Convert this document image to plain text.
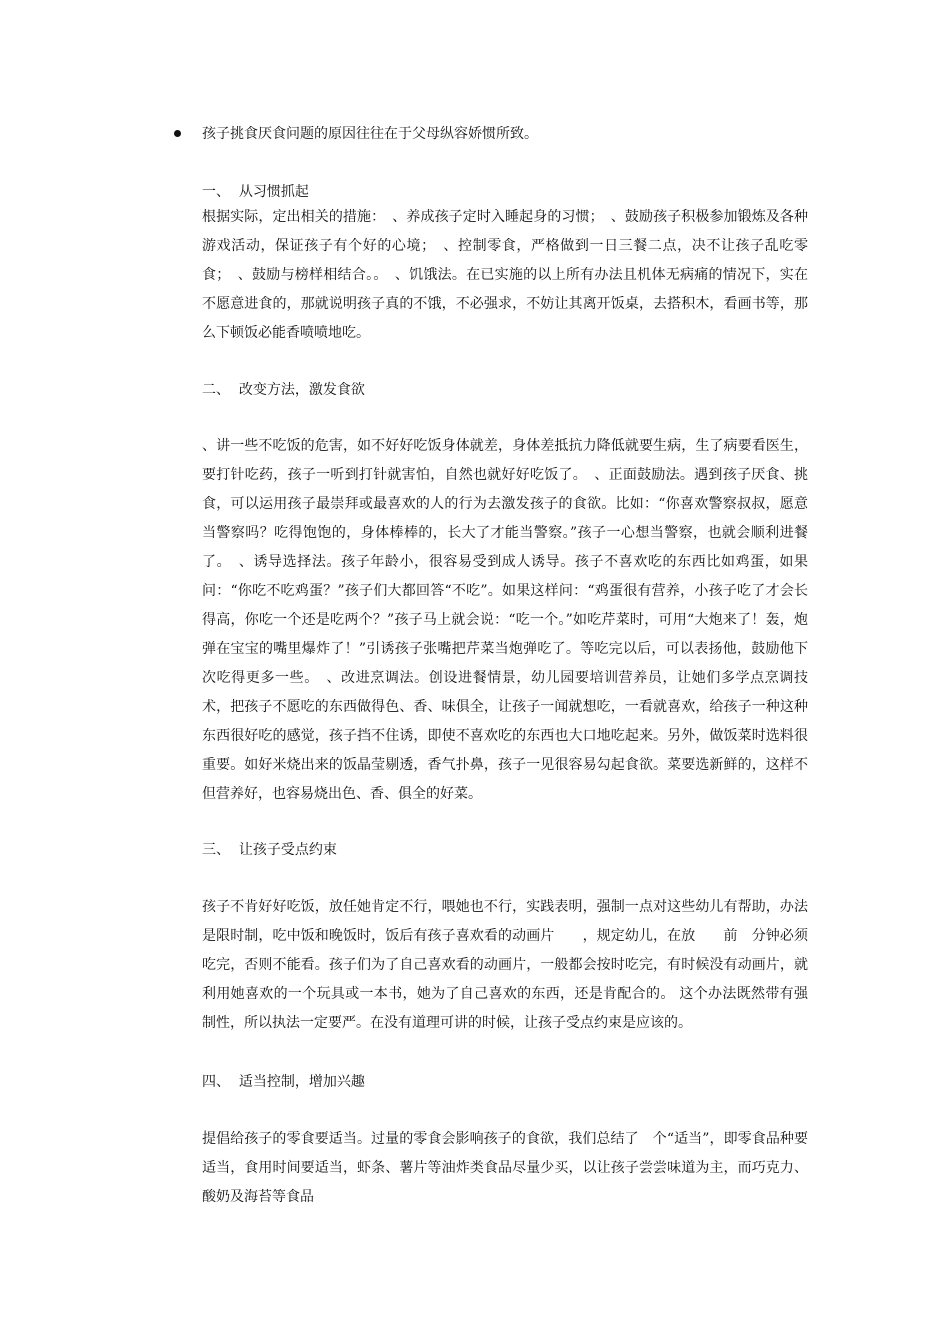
孩子挑食厌食问题的原因往往在于父母纵容娇惯所致。
一、  从习惯抓起

根据实际，定出相关的措施：　、养成孩子定时入睡起身的习惯；　、鼓励孩子积极参加锻炼及各种游戏活动，保证孩子有个好的心境；　、控制零食，严格做到一日三餐二点，决不让孩子乱吃零食；　、鼓励与榜样相结合。。　、饥饿法。在已实施的以上所有办法且机体无病痛的情况下，实在不愿意进食的，那就说明孩子真的不饿，不必强求，不妨让其离开饭桌，去搭积木，看画书等，那么下顿饭必能香喷喷地吃。

二、  改变方法，激发食欲

、讲一些不吃饭的危害，如不好好吃饭身体就差，身体差抵抗力降低就要生病，生了病要看医生，要打针吃药，孩子一听到打针就害怕，自然也就好好吃饭了。　、正面鼓励法。遇到孩子厌食、挑食，可以运用孩子最崇拜或最喜欢的人的行为去激发孩子的食欲。比如：“你喜欢警察叔叔，愿意当警察吗？吃得饱饱的，身体棒棒的，长大了才能当警察。”孩子一心想当警察，也就会顺利进餐了。　、诱导选择法。孩子年龄小，很容易受到成人诱导。孩子不喜欢吃的东西比如鸡蛋，如果问：“你吃不吃鸡蛋？”孩子们大都回答“不吃”。如果这样问：“鸡蛋很有营养，小孩子吃了才会长得高，你吃一个还是吃两个？”孩子马上就会说：“吃一个。”如吃芹菜时，可用“大炮来了！轰，炮弹在宝宝的嘴里爆炸了！”引诱孩子张嘴把芹菜当炮弹吃了。等吃完以后，可以表扬他，鼓励他下次吃得更多一些。　、改进烹调法。创设进餐情景，幼儿园要培训营养员，让她们多学点烹调技术，把孩子不愿吃的东西做得色、香、味俱全，让孩子一闻就想吃，一看就喜欢，给孩子一种这种东西很好吃的感觉，孩子挡不住诱，即使不喜欢吃的东西也大口地吃起来。另外，做饭菜时选料很重要。如好米烧出来的饭晶莹剔透，香气扑鼻，孩子一见很容易勾起食欲。菜要选新鲜的，这样不但营养好，也容易烧出色、香、俱全的好菜。

三、  让孩子受点约束

孩子不肯好好吃饭，放任她肯定不行，喂她也不行，实践表明，强制一点对这些幼儿有帮助，办法是限时制，吃中饭和晚饭时，饭后有孩子喜欢看的动画片　　，规定幼儿，在放　　前　分钟必须吃完，否则不能看。孩子们为了自己喜欢看的动画片，一般都会按时吃完，有时候没有动画片，就利用她喜欢的一个玩具或一本书，她为了自己喜欢的东西，还是肯配合的。 这个办法既然带有强制性，所以执法一定要严。在没有道理可讲的时候，让孩子受点约束是应该的。

四、  适当控制，增加兴趣

提倡给孩子的零食要适当。过量的零食会影响孩子的食欲，我们总结了　个“适当”，即零食品种要适当，食用时间要适当，虾条、薯片等油炸类食品尽量少买，以让孩子尝尝味道为主，而巧克力、酸奶及海苔等食品
